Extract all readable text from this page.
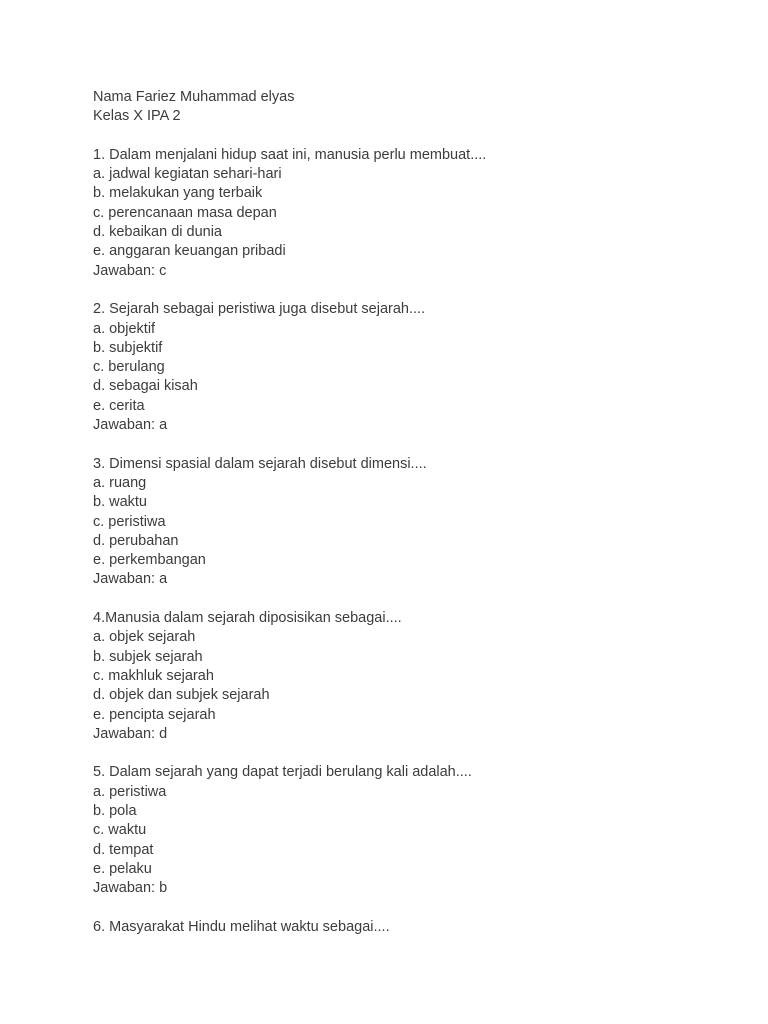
Nama Fariez Muhammad elyas
Kelas X IPA 2
1. Dalam menjalani hidup saat ini, manusia perlu membuat....
a. jadwal kegiatan sehari-hari
b. melakukan yang terbaik
c. perencanaan masa depan
d. kebaikan di dunia
e. anggaran keuangan pribadi
Jawaban: c
2. Sejarah sebagai peristiwa juga disebut sejarah....
a. objektif
b. subjektif
c. berulang
d. sebagai kisah
e. cerita
Jawaban: a
3. Dimensi spasial dalam sejarah disebut dimensi....
a. ruang
b. waktu
c. peristiwa
d. perubahan
e. perkembangan
Jawaban: a
4.Manusia dalam sejarah diposisikan sebagai....
a. objek sejarah
b. subjek sejarah
c. makhluk sejarah
d. objek dan subjek sejarah
e. pencipta sejarah
Jawaban: d
5. Dalam sejarah yang dapat terjadi berulang kali adalah....
a. peristiwa
b. pola
c. waktu
d. tempat
e. pelaku
Jawaban: b
6. Masyarakat Hindu melihat waktu sebagai....
